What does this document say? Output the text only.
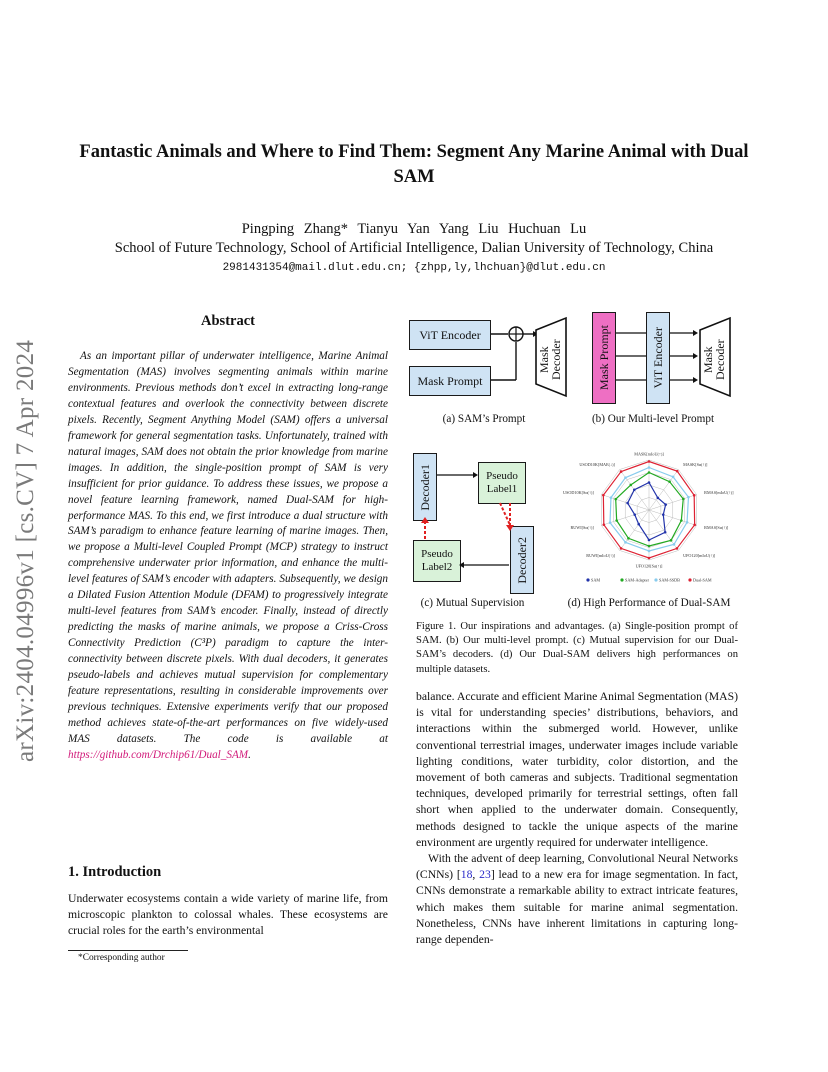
arXiv:2404.04996v1 [cs.CV] 7 Apr 2024
Fantastic Animals and Where to Find Them: Segment Any Marine Animal with Dual SAM
Pingping Zhang* Tianyu Yan Yang Liu Huchuan Lu
School of Future Technology, School of Artificial Intelligence, Dalian University of Technology, China
2981431354@mail.dlut.edu.cn; {zhpp,ly,lhchuan}@dlut.edu.cn
Abstract
As an important pillar of underwater intelligence, Marine Animal Segmentation (MAS) involves segmenting animals within marine environments. Previous methods don’t excel in extracting long-range contextual features and overlook the connectivity between discrete pixels. Recently, Segment Anything Model (SAM) offers a universal framework for general segmentation tasks. Unfortunately, trained with natural images, SAM does not obtain the prior knowledge from marine images. In addition, the single-position prompt of SAM is very insufficient for prior guidance. To address these issues, we propose a novel feature learning framework, named Dual-SAM for high-performance MAS. To this end, we first introduce a dual structure with SAM’s paradigm to enhance feature learning of marine images. Then, we propose a Multi-level Coupled Prompt (MCP) strategy to instruct comprehensive underwater prior information, and enhance the multi-level features of SAM’s encoder with adapters. Subsequently, we design a Dilated Fusion Attention Module (DFAM) to progressively integrate multi-level features from SAM’s encoder. Finally, instead of directly predicting the masks of marine animals, we propose a Criss-Cross Connectivity Prediction (C³P) paradigm to capture the inter-connectivity between discrete pixels. With dual decoders, it generates pseudo-labels and achieves mutual supervision for complementary feature representations, resulting in considerable improvements over previous techniques. Extensive experiments verify that our proposed method achieves state-of-the-art performances on five widely-used MAS datasets. The code is available at https://github.com/Drchip61/Dual_SAM.
1. Introduction
Underwater ecosystems contain a wide variety of marine life, from microscopic plankton to colossal whales. These ecosystems are crucial roles for the earth’s environmental
*Corresponding author
ViT Encoder
Mask Prompt
Mask Decoder
(a) SAM’s Prompt
Mask Prompt	ViT Encoder	Mask Decoder
(b) Our Multi-level Prompt
Decoder1	Pseudo Label1
Pseudo Label2	Decoder2
(c) Mutual Supervision
MASK[mIoU(↑)]
MASK[Sα(↑)]
RMAS[mIoU(↑)]
RMAS[Sα(↑)]
UFO120[mIoU(↑)]
UFO120[Sα(↑)]
RUWI[mIoU(↑)]
RUWI[Sα(↑)]
USOD10K[Sα(↑)]
USOD10K[MAE(↓)]
SAM	SAM-Adapter SAM-SSDB	Dual-SAM
(d) High Performance of Dual-SAM
Figure 1. Our inspirations and advantages. (a) Single-position prompt of SAM. (b) Our multi-level prompt. (c) Mutual supervision for our Dual-SAM’s decoders. (d) Our Dual-SAM delivers high performances on multiple datasets.

balance. Accurate and efficient Marine Animal Segmentation (MAS) is vital for understanding species’ distributions, behaviors, and interactions within the submerged world. However, unlike conventional terrestrial images, underwater images include variable lighting conditions, water turbidity, color distortion, and the movement of both cameras and subjects. Traditional segmentation techniques, developed primarily for terrestrial settings, often fall short when applied to the underwater domain. Consequently, methods designed to tackle the unique aspects of the marine environment are urgently required for underwater intelligence.

With the advent of deep learning, Convolutional Neural Networks (CNNs) [18, 23] lead to a new era for image segmentation. In fact, CNNs demonstrate a remarkable ability to extract intricate features, which makes them suitable for marine animal segmentation. Nonetheless, CNNs have inherent limitations in capturing long-range dependen-
